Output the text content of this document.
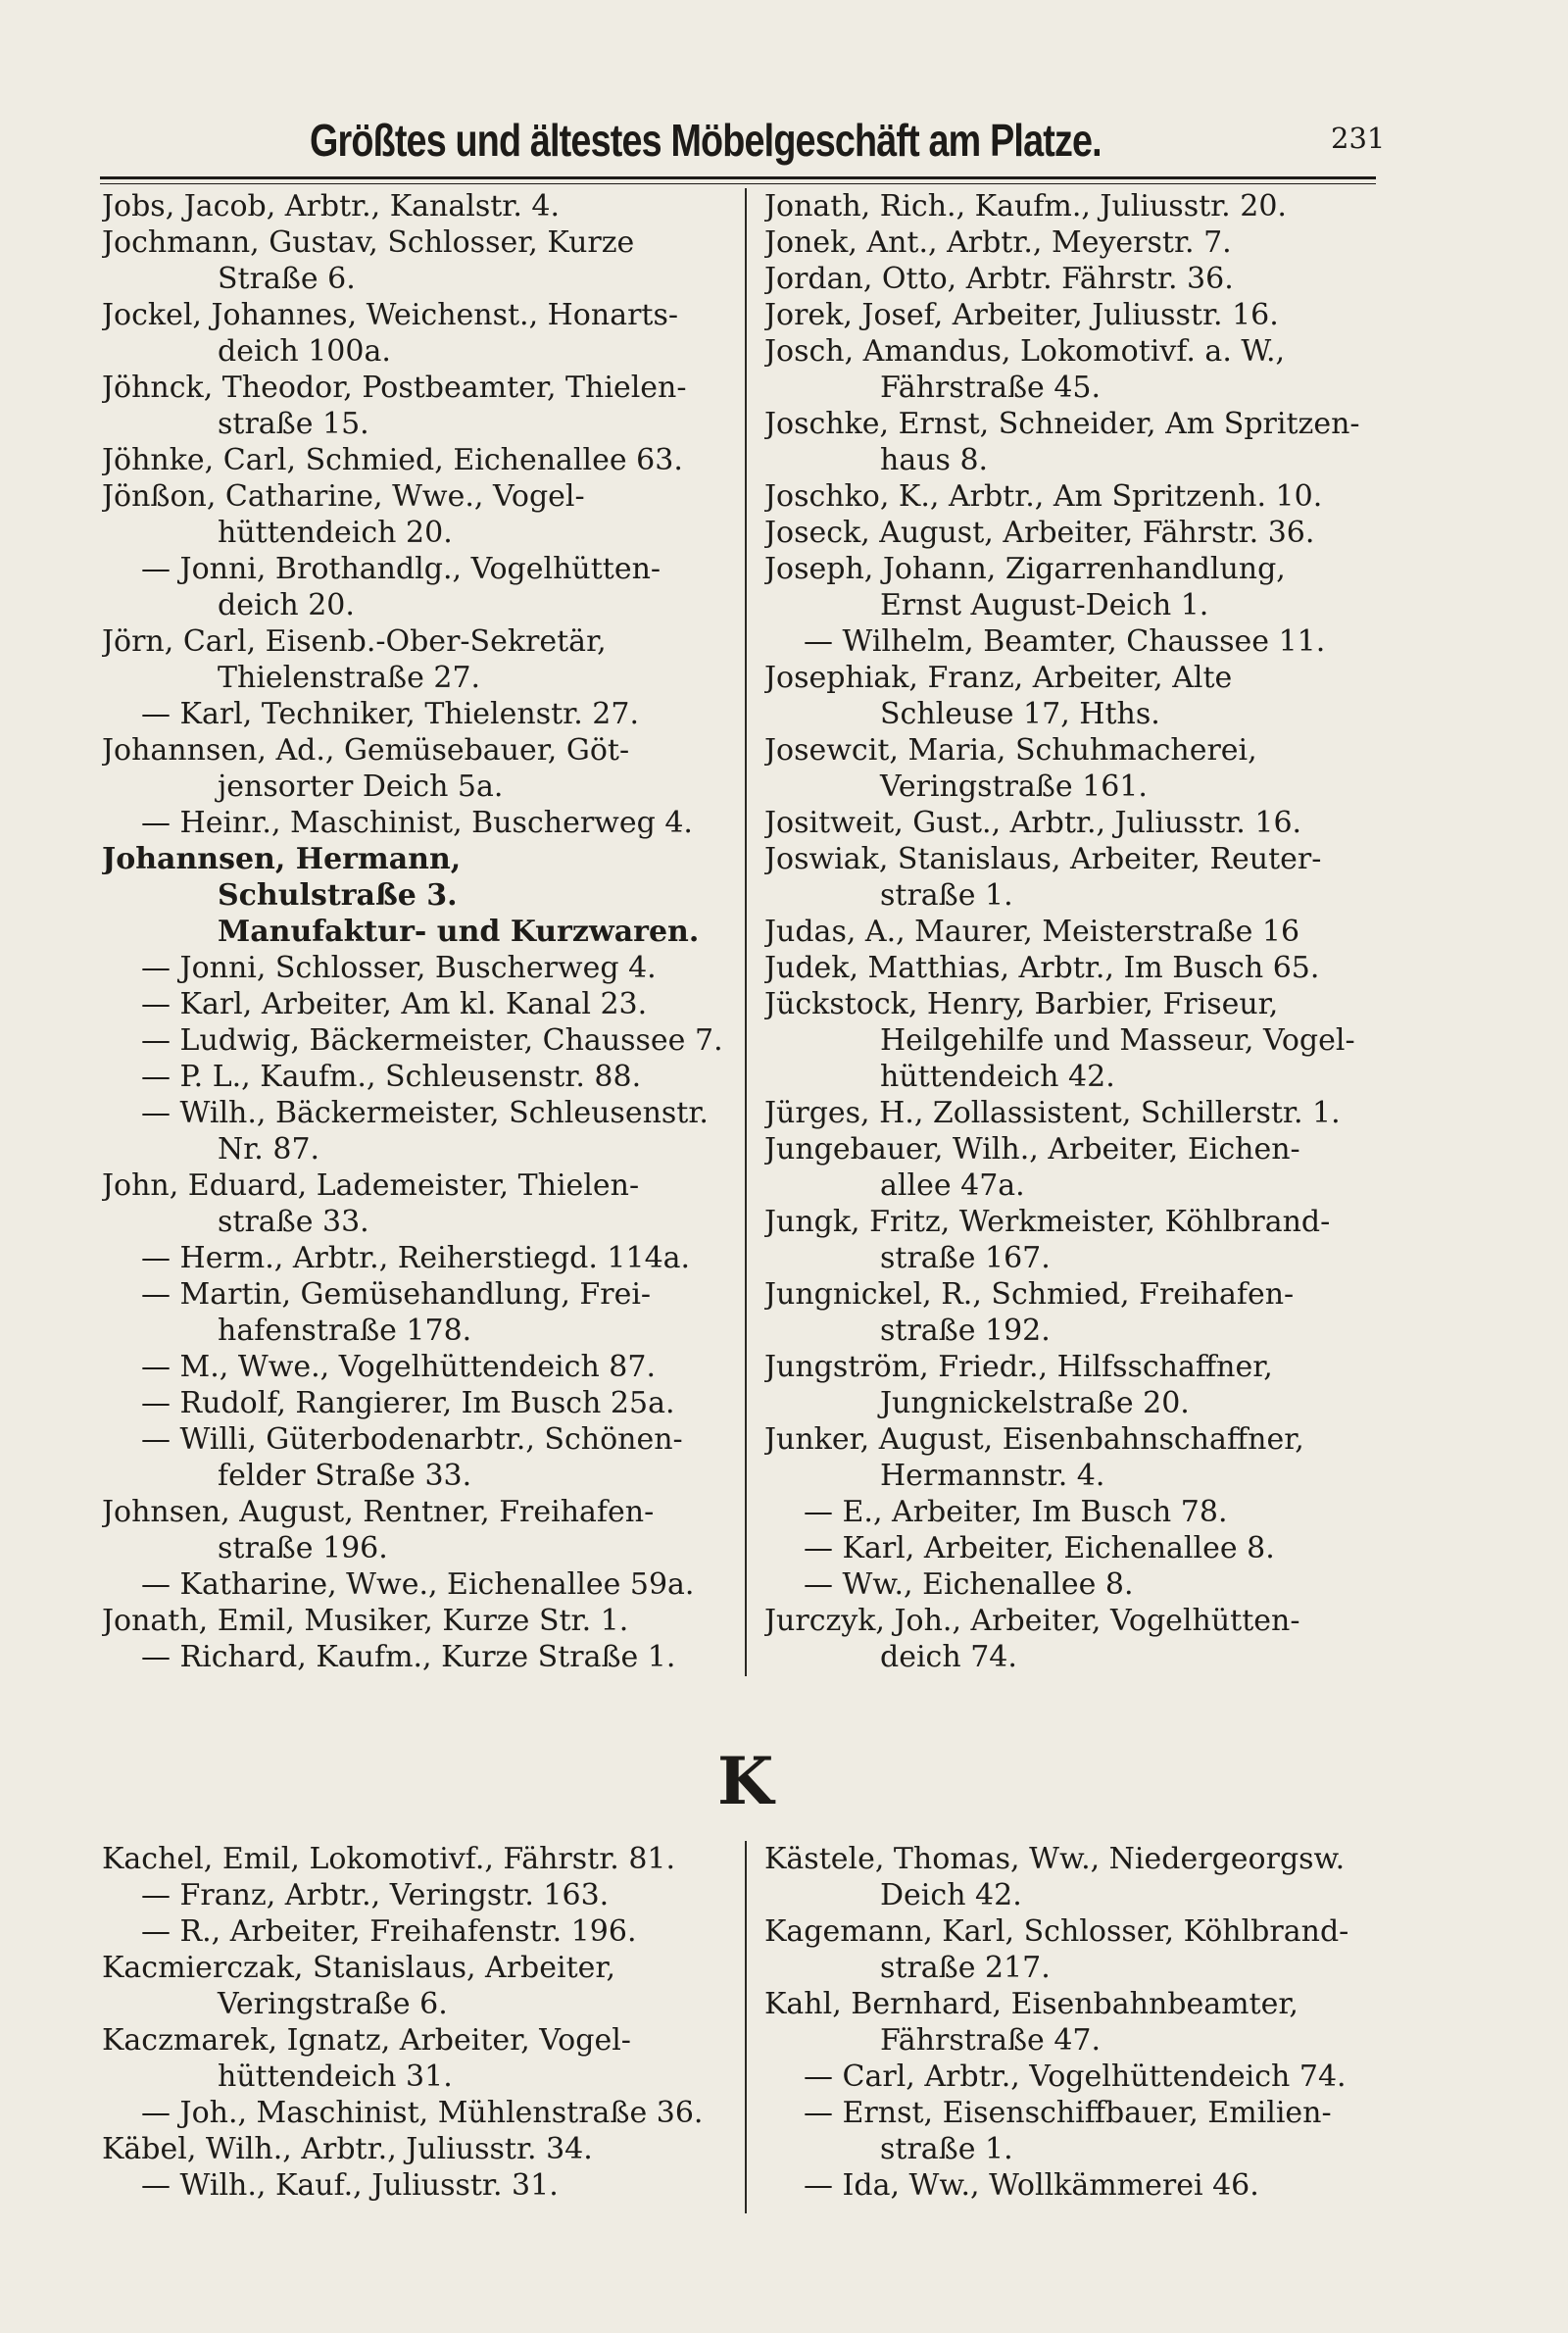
Größtes und ältestes Möbelgeschäft am Platze.	231
Jobs, Jacob, Arbtr., Kanalstr. 4.
Jochmann, Gustav, Schlosser, Kurze
Straße 6.
Jockel, Johannes, Weichenst., Honarts-
deich 100a.
Jöhnck, Theodor, Postbeamter, Thielen-
straße 15.
Jöhnke, Carl, Schmied, Eichenallee 63.
Jönßon, Catharine, Wwe., Vogel-
hüttendeich 20.
— Jonni, Brothandlg., Vogelhütten-
deich 20.
Jörn, Carl, Eisenb.-Ober-Sekretär,
Thielenstraße 27.
— Karl, Techniker, Thielenstr. 27.
Johannsen, Ad., Gemüsebauer, Göt-
jensorter Deich 5a.
— Heinr., Maschinist, Buscherweg 4.
Johannsen, Hermann,
Schulstraße 3.
Manufaktur- und Kurzwaren.
— Jonni, Schlosser, Buscherweg 4.
— Karl, Arbeiter, Am kl. Kanal 23.
— Ludwig, Bäckermeister, Chaussee 7.
— P. L., Kaufm., Schleusenstr. 88.
— Wilh., Bäckermeister, Schleusenstr.
Nr. 87.
John, Eduard, Lademeister, Thielen-
straße 33.
— Herm., Arbtr., Reiherstiegd. 114a.
— Martin, Gemüsehandlung, Frei-
hafenstraße 178.
— M., Wwe., Vogelhüttendeich 87.
— Rudolf, Rangierer, Im Busch 25a.
— Willi, Güterbodenarbtr., Schönen-
felder Straße 33.
Johnsen, August, Rentner, Freihafen-
straße 196.
— Katharine, Wwe., Eichenallee 59a.
Jonath, Emil, Musiker, Kurze Str. 1.
— Richard, Kaufm., Kurze Straße 1.
Jonath, Rich., Kaufm., Juliusstr. 20.
Jonek, Ant., Arbtr., Meyerstr. 7.
Jordan, Otto, Arbtr. Fährstr. 36.
Jorek, Josef, Arbeiter, Juliusstr. 16.
Josch, Amandus, Lokomotivf. a. W.,
Fährstraße 45.
Joschke, Ernst, Schneider, Am Spritzen-
haus 8.
Joschko, K., Arbtr., Am Spritzenh. 10.
Joseck, August, Arbeiter, Fährstr. 36.
Joseph, Johann, Zigarrenhandlung,
Ernst August-Deich 1.
— Wilhelm, Beamter, Chaussee 11.
Josephiak, Franz, Arbeiter, Alte
Schleuse 17, Hths.
Josewcit, Maria, Schuhmacherei,
Veringstraße 161.
Jositweit, Gust., Arbtr., Juliusstr. 16.
Joswiak, Stanislaus, Arbeiter, Reuter-
straße 1.
Judas, A., Maurer, Meisterstraße 16
Judek, Matthias, Arbtr., Im Busch 65.
Jückstock, Henry, Barbier, Friseur,
Heilgehilfe und Masseur, Vogel-
hüttendeich 42.
Jürges, H., Zollassistent, Schillerstr. 1.
Jungebauer, Wilh., Arbeiter, Eichen-
allee 47a.
Jungk, Fritz, Werkmeister, Köhlbrand-
straße 167.
Jungnickel, R., Schmied, Freihafen-
straße 192.
Jungström, Friedr., Hilfsschaffner,
Jungnickelstraße 20.
Junker, August, Eisenbahnschaffner,
Hermannstr. 4.
— E., Arbeiter, Im Busch 78.
— Karl, Arbeiter, Eichenallee 8.
— Ww., Eichenallee 8.
Jurczyk, Joh., Arbeiter, Vogelhütten-
deich 74.
K
Kachel, Emil, Lokomotivf., Fährstr. 81.
— Franz, Arbtr., Veringstr. 163.
— R., Arbeiter, Freihafenstr. 196.
Kacmierczak, Stanislaus, Arbeiter,
Veringstraße 6.
Kaczmarek, Ignatz, Arbeiter, Vogel-
hüttendeich 31.
— Joh., Maschinist, Mühlenstraße 36.
Käbel, Wilh., Arbtr., Juliusstr. 34.
— Wilh., Kauf., Juliusstr. 31.
Kästele, Thomas, Ww., Niedergeorgsw.
Deich 42.
Kagemann, Karl, Schlosser, Köhlbrand-
straße 217.
Kahl, Bernhard, Eisenbahnbeamter,
Fährstraße 47.
— Carl, Arbtr., Vogelhüttendeich 74.
— Ernst, Eisenschiffbauer, Emilien-
straße 1.
— Ida, Ww., Wollkämmerei 46.
